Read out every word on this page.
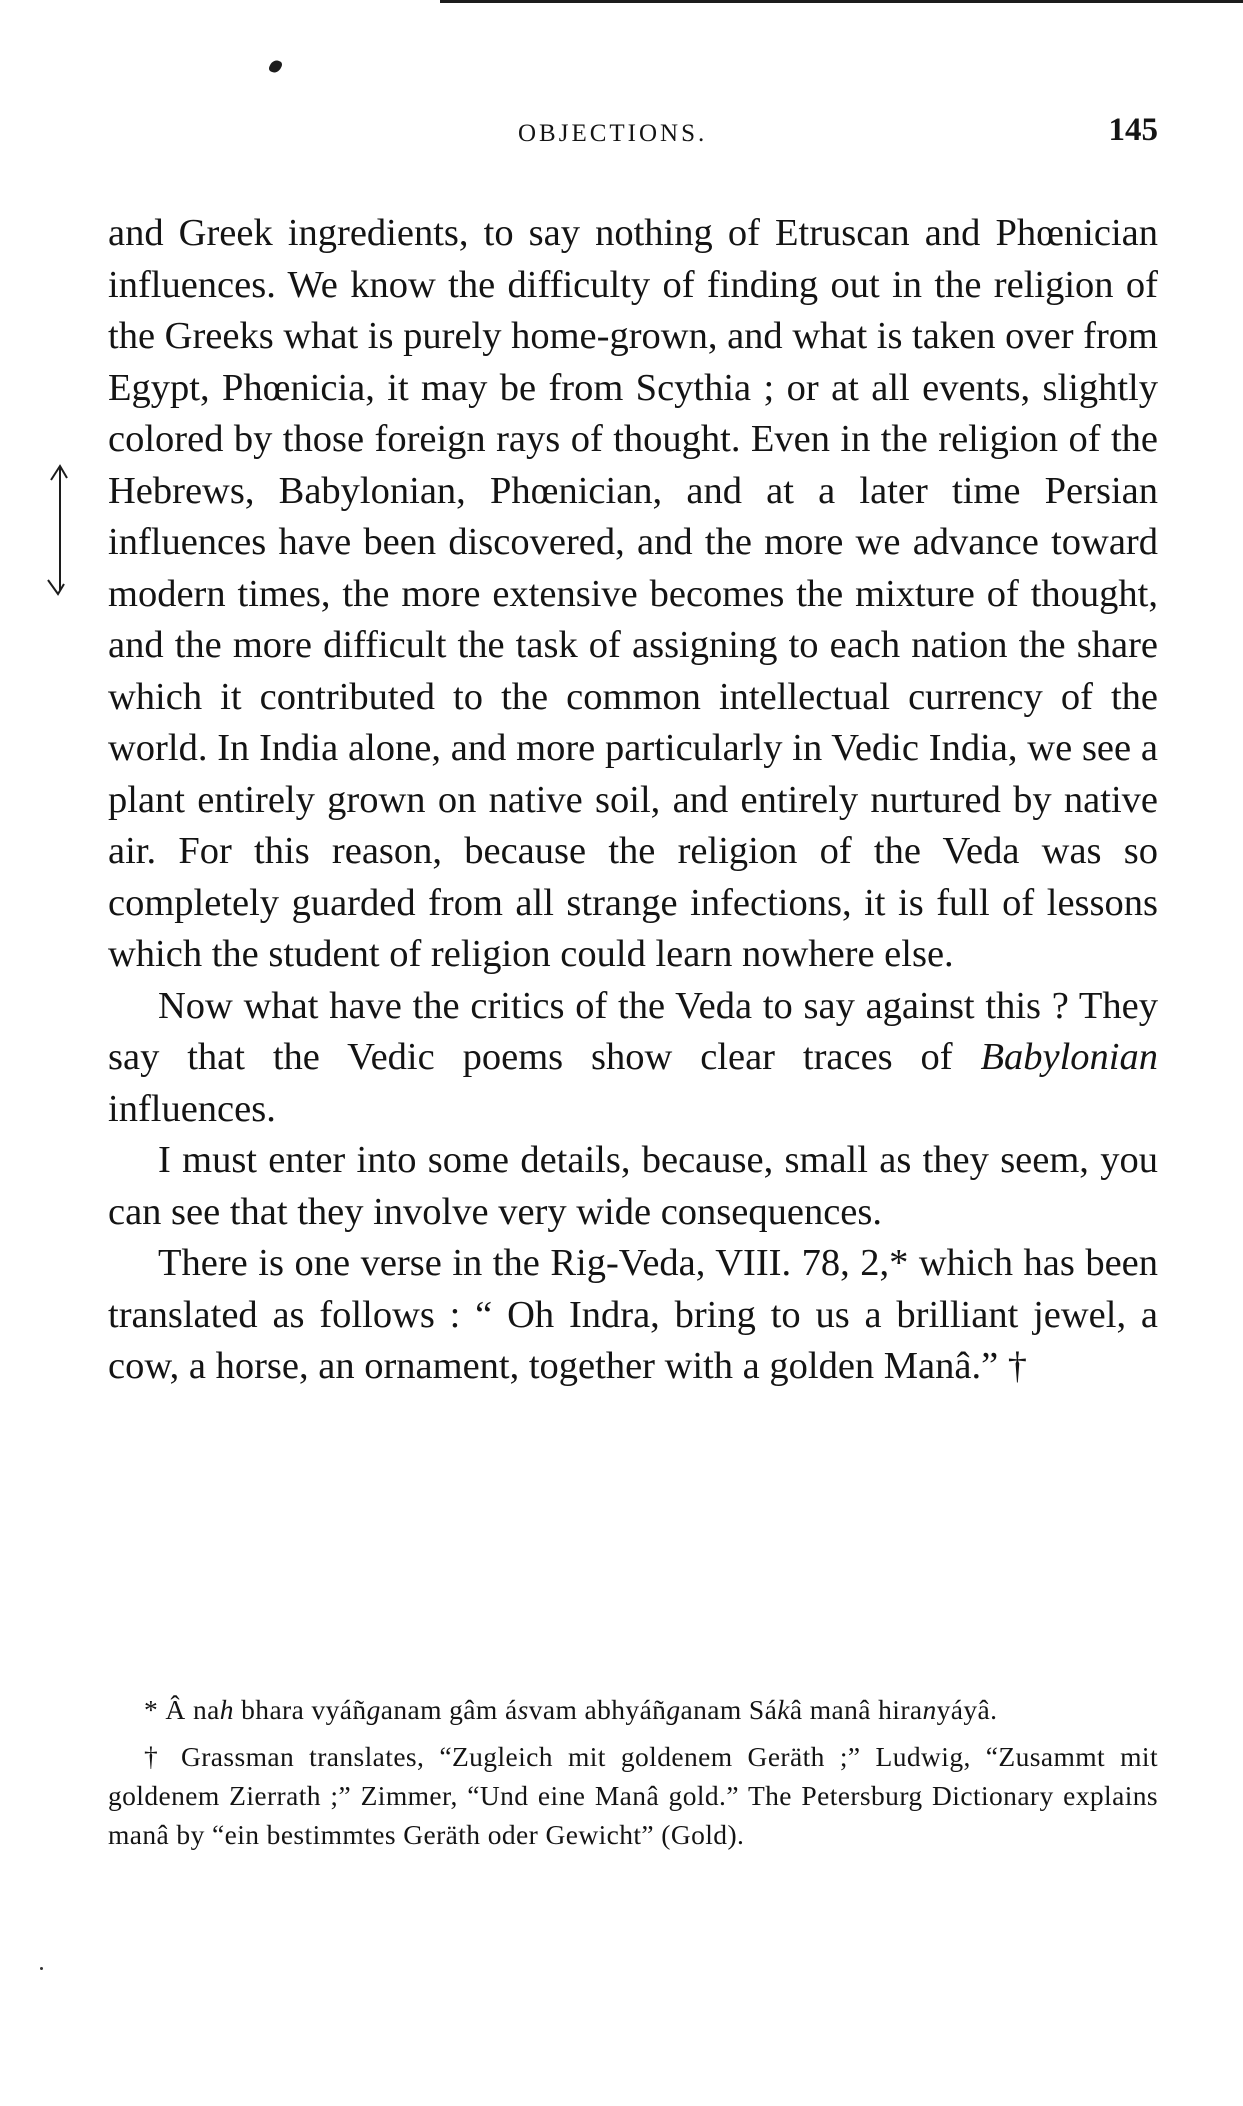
OBJECTIONS.	145

and Greek ingredients, to say nothing of Etruscan and Phœnician influences. We know the difficulty of finding out in the religion of the Greeks what is purely home-grown, and what is taken over from Egypt, Phœnicia, it may be from Scythia ; or at all events, slightly colored by those foreign rays of thought. Even in the religion of the Hebrews, Babylonian, Phœnician, and at a later time Persian influences have been discovered, and the more we advance toward modern times, the more extensive becomes the mixture of thought, and the more difficult the task of assigning to each nation the share which it contributed to the common intellectual currency of the world. In India alone, and more particularly in Vedic India, we see a plant entirely grown on native soil, and entirely nurtured by native air. For this reason, because the religion of the Veda was so completely guarded from all strange infections, it is full of lessons which the student of religion could learn nowhere else.

Now what have the critics of the Veda to say against this ? They say that the Vedic poems show clear traces of Babylonian influences.

I must enter into some details, because, small as they seem, you can see that they involve very wide consequences.

There is one verse in the Rig-Veda, VIII. 78, 2,* which has been translated as follows : “ Oh Indra, bring to us a brilliant jewel, a cow, a horse, an ornament, together with a golden Manâ.” †

* Â nah bhara vyáñganam gâm ásvam abhyáñganam Sákâ manâ hiranyáyâ.

† Grassman translates, “Zugleich mit goldenem Geräth ;” Ludwig, “Zusammt mit goldenem Zierrath ;” Zimmer, “Und eine Manâ gold.” The Petersburg Dictionary explains manâ by “ein bestimmtes Geräth oder Gewicht” (Gold).
